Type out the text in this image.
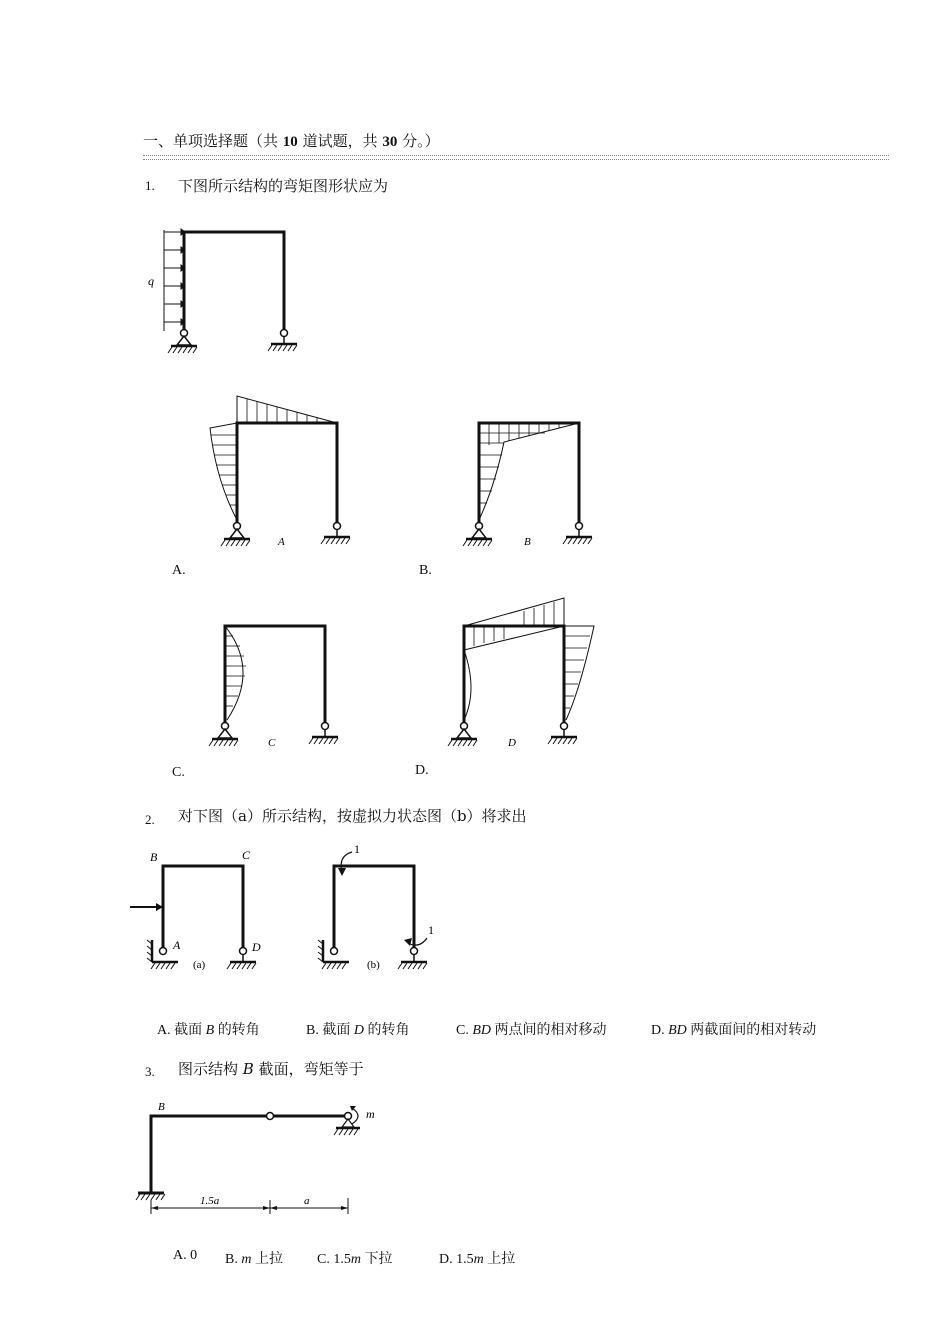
一、单项选择题（共 10 道试题，共 30 分。）
1. 下图所示结构的弯矩图形状应为
q
A	B
C	D
B	C
A	D
(a)
1
1
(b)
m
B
1.5a	a
A.	B.
C.	D.
2. 对下图（a）所示结构，按虚拟力状态图（b）将求出
A. 截面 B 的转角	B. 截面 D 的转角	C. BD 两点间的相对移动	D. BD 两截面间的相对转动
3. 图示结构 B 截面，弯矩等于
A. 0 B. m 上拉 C. 1.5m 下拉	D. 1.5m 上拉
